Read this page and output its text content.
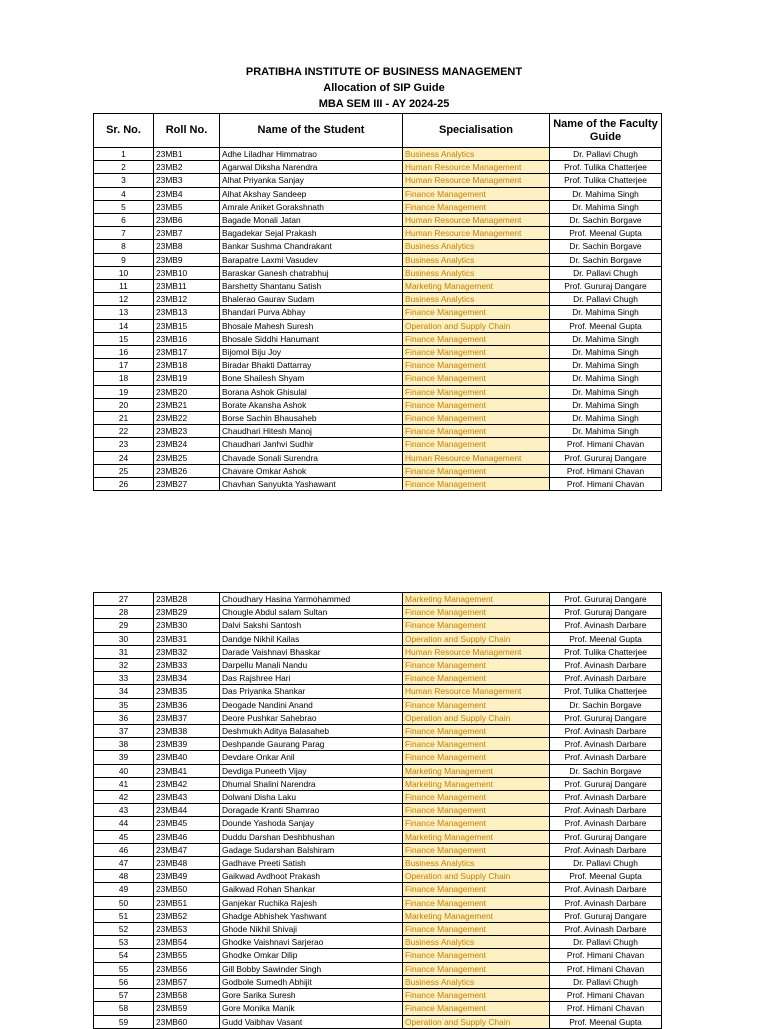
PRATIBHA INSTITUTE OF BUSINESS MANAGEMENT
Allocation of SIP Guide
MBA SEM III - AY 2024-25
Sr. No.	Roll No.	Name of the Student	Specialisation	Name of the Faculty Guide
1	23MB1	Adhe Liladhar Himmatrao	Business Analytics	Dr. Pallavi Chugh
2	23MB2	Agarwal Diksha Narendra	Human Resource Management	Prof. Tulika Chatterjee
3	23MB3	Alhat Priyanka Sanjay	Human Resource Management	Prof. Tulika Chatterjee
4	23MB4	Alhat Akshay Sandeep	Finance Management	Dr. Mahima Singh
5	23MB5	Amrale Aniket Gorakshnath	Finance Management	Dr. Mahima Singh
6	23MB6	Bagade Monali Jatan	Human Resource Management	Dr. Sachin Borgave
7	23MB7	Bagadekar Sejal Prakash	Human Resource Management	Prof. Meenal Gupta
8	23MB8	Bankar Sushma Chandrakant	Business Analytics	Dr. Sachin Borgave
9	23MB9	Barapatre Laxmi Vasudev	Business Analytics	Dr. Sachin Borgave
10	23MB10	Baraskar Ganesh chatrabhuj	Business Analytics	Dr. Pallavi Chugh
11	23MB11	Barshetty Shantanu Satish	Marketing Management	Prof. Gururaj Dangare
12	23MB12	Bhalerao Gaurav Sudam	Business Analytics	Dr. Pallavi Chugh
13	23MB13	Bhandari Purva Abhay	Finance Management	Dr. Mahima Singh
14	23MB15	Bhosale Mahesh Suresh	Operation and Supply Chain	Prof. Meenal Gupta
15	23MB16	Bhosale Siddhi Hanumant	Finance Management	Dr. Mahima Singh
16	23MB17	Bijomol Biju Joy	Finance Management	Dr. Mahima Singh
17	23MB18	Biradar Bhakti Dattarray	Finance Management	Dr. Mahima Singh
18	23MB19	Bone Shailesh Shyam	Finance Management	Dr. Mahima Singh
19	23MB20	Borana Ashok Ghisulal	Finance Management	Dr. Mahima Singh
20	23MB21	Borate Akansha Ashok	Finance Management	Dr. Mahima Singh
21	23MB22	Borse Sachin Bhausaheb	Finance Management	Dr. Mahima Singh
22	23MB23	Chaudhari Hitesh Manoj	Finance Management	Dr. Mahima Singh
23	23MB24	Chaudhari Janhvi Sudhir	Finance Management	Prof. Himani Chavan
24	23MB25	Chavade Sonali Surendra	Human Resource Management	Prof. Gururaj Dangare
25	23MB26	Chavare Omkar Ashok	Finance Management	Prof. Himani Chavan
26	23MB27	Chavhan Sanyukta Yashawant	Finance Management	Prof. Himani Chavan
27	23MB28	Choudhary Hasina Yarmohammed	Marketing Management	Prof. Gururaj Dangare
28	23MB29	Chougle Abdul salam Sultan	Finance Management	Prof. Gururaj Dangare
29	23MB30	Dalvi Sakshi Santosh	Finance Management	Prof. Avinash Darbare
30	23MB31	Dandge Nikhil Kailas	Operation and Supply Chain	Prof. Meenal Gupta
31	23MB32	Darade Vaishnavi Bhaskar	Human Resource Management	Prof. Tulika Chatterjee
32	23MB33	Darpellu Manali Nandu	Finance Management	Prof. Avinash Darbare
33	23MB34	Das Rajshree Hari	Finance Management	Prof. Avinash Darbare
34	23MB35	Das Priyanka Shankar	Human Resource Management	Prof. Tulika Chatterjee
35	23MB36	Deogade Nandini Anand	Finance Management	Dr. Sachin Borgave
36	23MB37	Deore Pushkar Sahebrao	Operation and Supply Chain	Prof. Gururaj Dangare
37	23MB38	Deshmukh Aditya Balasaheb	Finance Management	Prof. Avinash Darbare
38	23MB39	Deshpande Gaurang Parag	Finance Management	Prof. Avinash Darbare
39	23MB40	Devdare Onkar Anil	Finance Management	Prof. Avinash Darbare
40	23MB41	Devdiga Puneeth Vijay	Marketing Management	Dr. Sachin Borgave
41	23MB42	Dhumal Shalini Narendra	Marketing Management	Prof. Gururaj Dangare
42	23MB43	Dolwani Disha Laku	Finance Management	Prof. Avinash Darbare
43	23MB44	Doragade Kranti Shamrao	Finance Management	Prof. Avinash Darbare
44	23MB45	Dounde Yashoda Sanjay	Finance Management	Prof. Avinash Darbare
45	23MB46	Duddu Darshan Deshbhushan	Marketing Management	Prof. Gururaj Dangare
46	23MB47	Gadage Sudarshan Balshiram	Finance Management	Prof. Avinash Darbare
47	23MB48	Gadhave Preeti Satish	Business Analytics	Dr. Pallavi Chugh
48	23MB49	Gaikwad Avdhoot Prakash	Operation and Supply Chain	Prof. Meenal Gupta
49	23MB50	Gaikwad Rohan Shankar	Finance Management	Prof. Avinash Darbare
50	23MB51	Ganjekar Ruchika Rajesh	Finance Management	Prof. Avinash Darbare
51	23MB52	Ghadge Abhishek Yashwant	Marketing Management	Prof. Gururaj Dangare
52	23MB53	Ghode Nikhil Shivaji	Finance Management	Prof. Avinash Darbare
53	23MB54	Ghodke Vaishnavi Sarjerao	Business Analytics	Dr. Pallavi Chugh
54	23MB55	Ghodke Omkar Dilip	Finance Management	Prof. Himani Chavan
55	23MB56	Gill Bobby Sawinder Singh	Finance Management	Prof. Himani Chavan
56	23MB57	Godbole Sumedh Abhijit	Business Analytics	Dr. Pallavi Chugh
57	23MB58	Gore Sarika Suresh	Finance Management	Prof. Himani Chavan
58	23MB59	Gore Monika Manik	Finance Management	Prof. Himani Chavan
59	23MB60	Gudd Vaibhav Vasant	Operation and Supply Chain	Prof. Meenal Gupta
